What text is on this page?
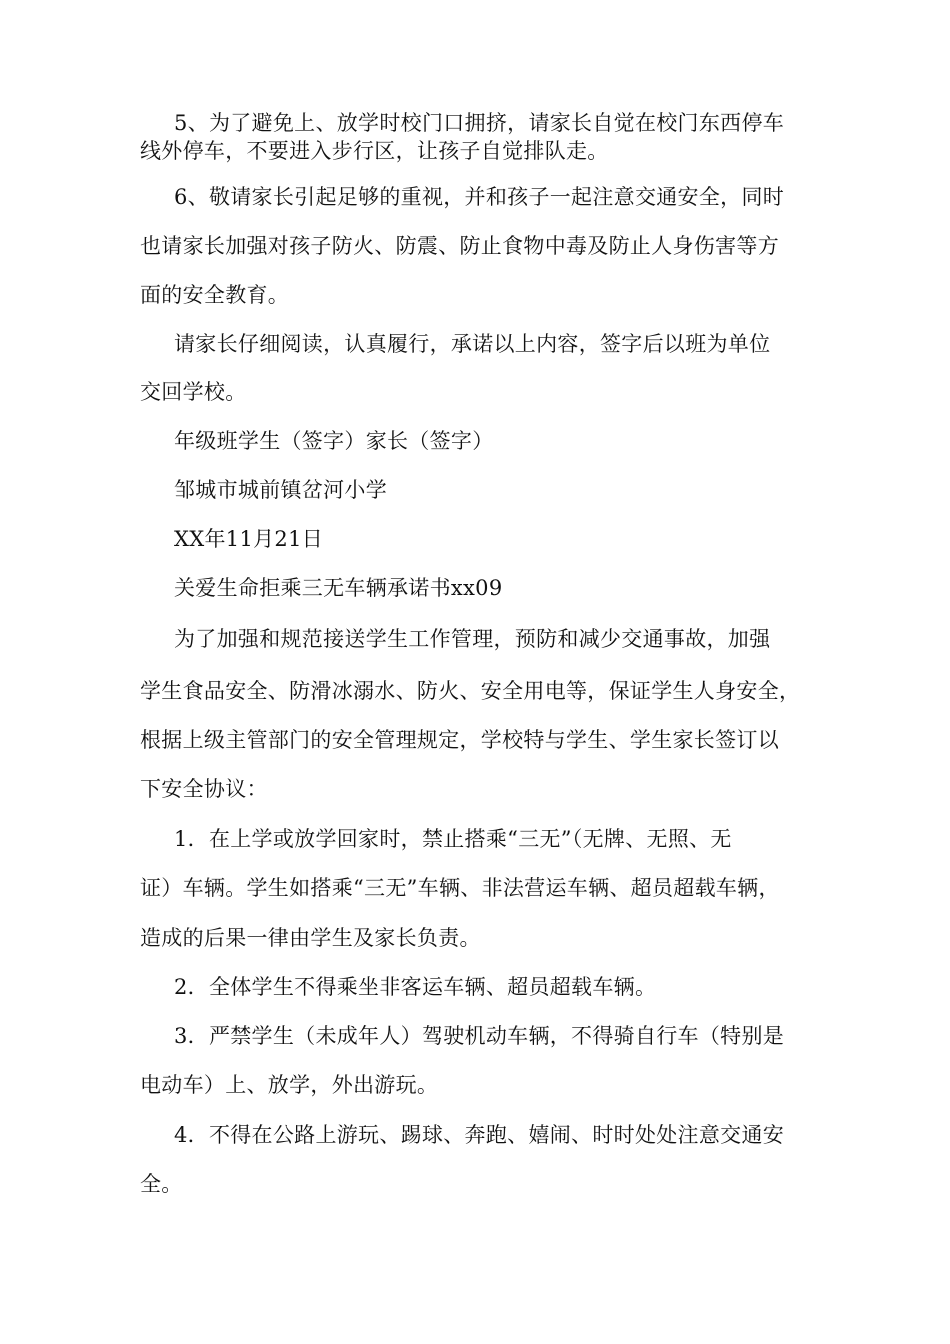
5、为了避免上、放学时校门口拥挤，请家长自觉在校门东西停车
线外停车，不要进入步行区，让孩子自觉排队走。
6、敬请家长引起足够的重视，并和孩子一起注意交通安全，同时
也请家长加强对孩子防火、防震、防止食物中毒及防止人身伤害等方
面的安全教育。
请家长仔细阅读，认真履行，承诺以上内容，签字后以班为单位
交回学校。
年级班学生（签字）家长（签字）
邹城市城前镇岔河小学
XX年11月21日
关爱生命拒乘三无车辆承诺书xx09
为了加强和规范接送学生工作管理，预防和减少交通事故，加强
学生食品安全、防滑冰溺水、防火、安全用电等，保证学生人身安全，
根据上级主管部门的安全管理规定，学校特与学生、学生家长签订以
下安全协议：
1．在上学或放学回家时，禁止搭乘“三无”（无牌、无照、无
证）车辆。学生如搭乘“三无”车辆、非法营运车辆、超员超载车辆，
造成的后果一律由学生及家长负责。
2．全体学生不得乘坐非客运车辆、超员超载车辆。
3．严禁学生（未成年人）驾驶机动车辆，不得骑自行车（特别是
电动车）上、放学，外出游玩。
4．不得在公路上游玩、踢球、奔跑、嬉闹、时时处处注意交通安
全。
